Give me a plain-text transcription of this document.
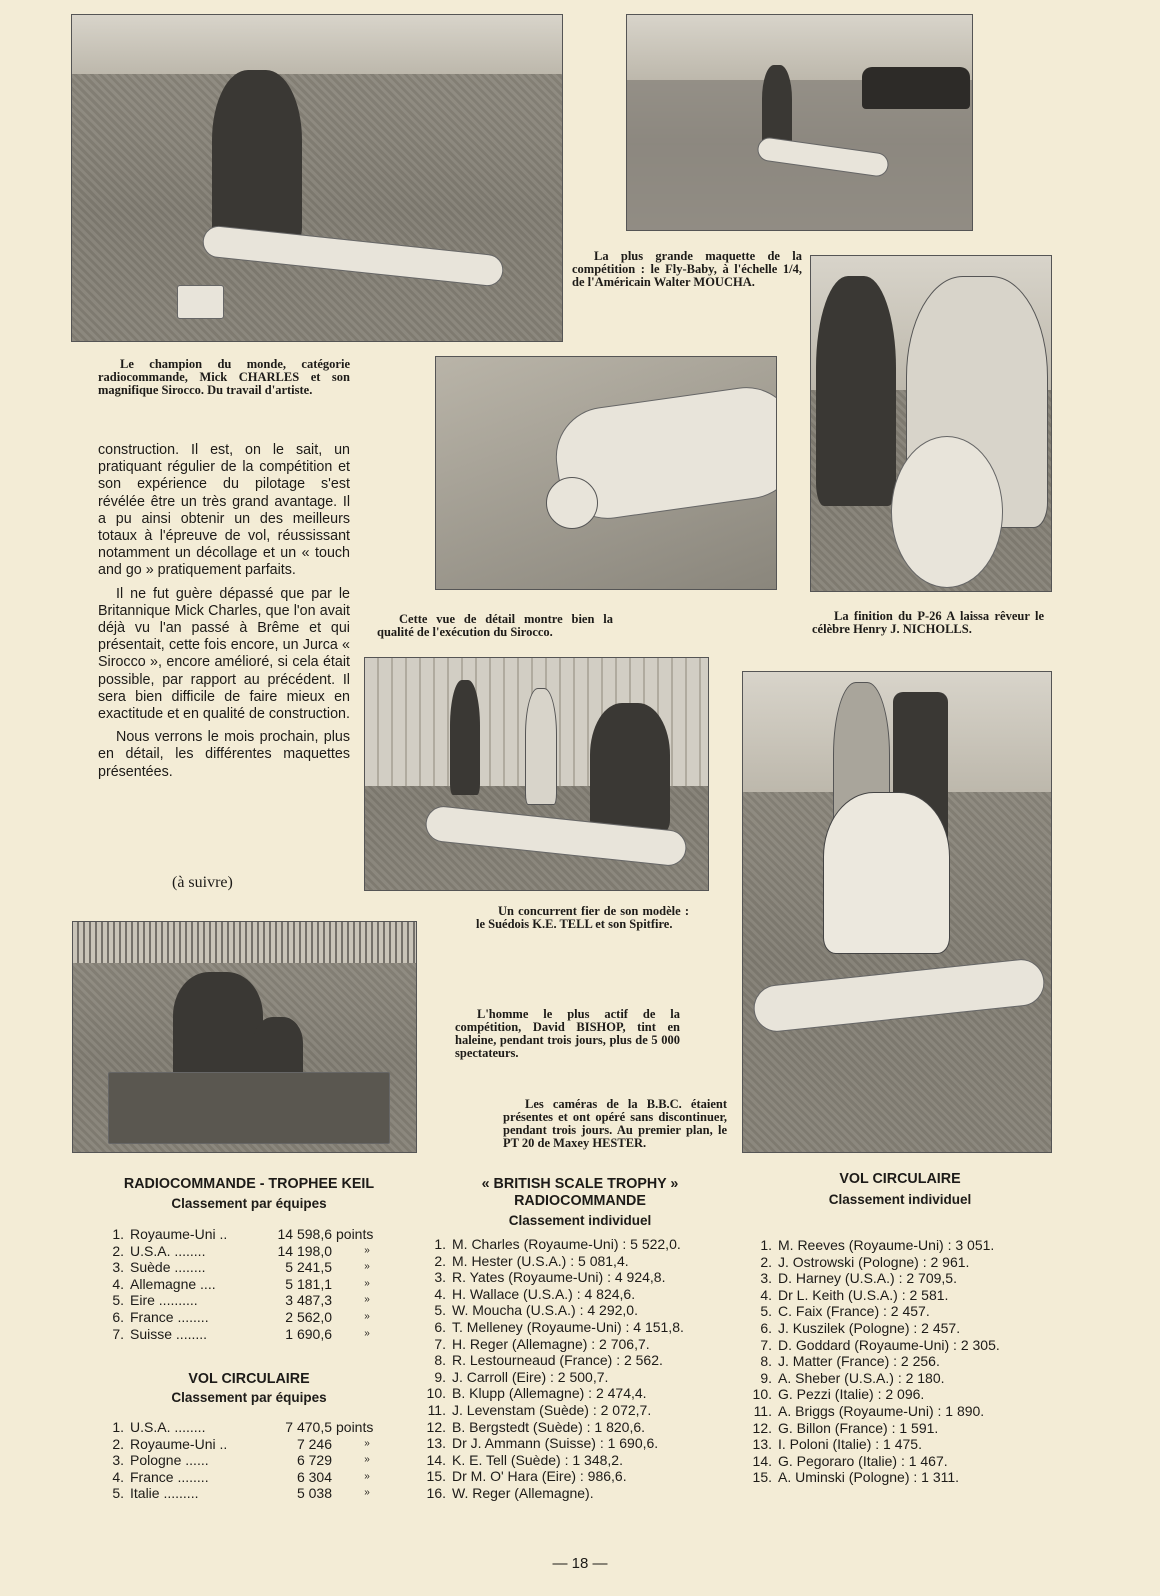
Le champion du monde, catégorie radiocommande, Mick CHARLES et son magnifique Sirocco. Du travail d'artiste.
La plus grande maquette de la compétition : le Fly-Baby, à l'échelle 1/4, de l'Américain Walter MOUCHA.
Cette vue de détail montre bien la qualité de l'exécution du Sirocco.
La finition du P-26 A laissa rêveur le célèbre Henry J. NICHOLLS.
Un concurrent fier de son modèle : le Suédois K.E. TELL et son Spitfire.
L'homme le plus actif de la compétition, David BISHOP, tint en haleine, pendant trois jours, plus de 5 000 spectateurs.
Les caméras de la B.B.C. étaient présentes et ont opéré sans discontinuer, pendant trois jours. Au premier plan, le PT 20 de Maxey HESTER.

construction. Il est, on le sait, un pratiquant régulier de la compétition et son expérience du pilotage s'est révélée être un très grand avantage. Il a pu ainsi obtenir un des meilleurs totaux à l'épreuve de vol, réussissant notamment un décollage et un « touch and go » pratiquement parfaits.

Il ne fut guère dépassé que par le Britannique Mick Charles, que l'on avait déjà vu l'an passé à Brême et qui présentait, cette fois encore, un Jurca « Sirocco », encore amélioré, si cela était possible, par rapport au précédent. Il sera bien difficile de faire mieux en exactitude et en qualité de construction.

Nous verrons le mois prochain, plus en détail, les différentes maquettes présentées.

(à suivre)
RADIOCOMMANDE - TROPHEE KEIL
Classement par équipes
1. Royaume-Uni ..	14 598,6 points
2. U.S.A. ........	14 198,0	»
3. Suède ........	5 241,5	»
4. Allemagne ....	5 181,1	»
5. Eire ..........	3 487,3	»
6. France ........	2 562,0	»
7. Suisse ........	1 690,6	»
VOL CIRCULAIRE
Classement par équipes
1. U.S.A. ........	7 470,5 points
2. Royaume-Uni ..	7 246	»
3. Pologne ......	6 729	»
4. France ........	6 304	»
5. Italie .........	5 038	»
« BRITISH SCALE TROPHY »
RADIOCOMMANDE
Classement individuel
1. M. Charles (Royaume-Uni) : 5 522,0.
2. M. Hester (U.S.A.) : 5 081,4.
3. R. Yates (Royaume-Uni) : 4 924,8.
4. H. Wallace (U.S.A.) : 4 824,6.
5. W. Moucha (U.S.A.) : 4 292,0.
6. T. Melleney (Royaume-Uni) : 4 151,8.
7. H. Reger (Allemagne) : 2 706,7.
8. R. Lestourneaud (France) : 2 562.
9. J. Carroll (Eire) : 2 500,7.
10. B. Klupp (Allemagne) : 2 474,4.
11. J. Levenstam (Suède) : 2 072,7.
12. B. Bergstedt (Suède) : 1 820,6.
13. Dr J. Ammann (Suisse) : 1 690,6.
14. K. E. Tell (Suède) : 1 348,2.
15. Dr M. O' Hara (Eire) : 986,6.
16. W. Reger (Allemagne).
VOL CIRCULAIRE
Classement individuel
1. M. Reeves (Royaume-Uni) : 3 051.
2. J. Ostrowski (Pologne) : 2 961.
3. D. Harney (U.S.A.) : 2 709,5.
4. Dr L. Keith (U.S.A.) : 2 581.
5. C. Faix (France) : 2 457.
6. J. Kuszilek (Pologne) : 2 457.
7. D. Goddard (Royaume-Uni) : 2 305.
8. J. Matter (France) : 2 256.
9. A. Sheber (U.S.A.) : 2 180.
10. G. Pezzi (Italie) : 2 096.
11. A. Briggs (Royaume-Uni) : 1 890.
12. G. Billon (France) : 1 591.
13. I. Poloni (Italie) : 1 475.
14. G. Pegoraro (Italie) : 1 467.
15. A. Uminski (Pologne) : 1 311.
— 18 —
